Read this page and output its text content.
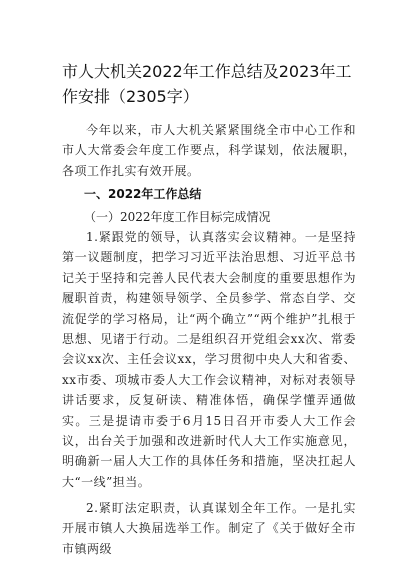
市人大机关2022年工作总结及2023年工作安排（2305字）
今年以来，市人大机关紧紧围绕全市中心工作和市人大常委会年度工作要点，科学谋划，依法履职，各项工作扎实有效开展。
一、2022年工作总结
（一）2022年度工作目标完成情况
1.紧跟党的领导，认真落实会议精神。一是坚持第一议题制度，把学习习近平法治思想、习近平总书记关于坚持和完善人民代表大会制度的重要思想作为履职首责，构建领导领学、全员参学、常态自学、交流促学的学习格局，让“两个确立”“两个维护”扎根于思想、见诸于行动。二是组织召开党组会xx次、常委会议xx次、主任会议xx，学习贯彻中央人大和省委、xx市委、项城市委人大工作会议精神，对标对表领导讲话要求，反复研读、精准体悟，确保学懂弄通做实。三是提请市委于6月15日召开市委人大工作会议，出台关于加强和改进新时代人大工作实施意见，明确新一届人大工作的具体任务和措施，坚决扛起人大“一线”担当。
2.紧盯法定职责，认真谋划全年工作。一是扎实开展市镇人大换届选举工作。制定了《关于做好全市市镇两级
